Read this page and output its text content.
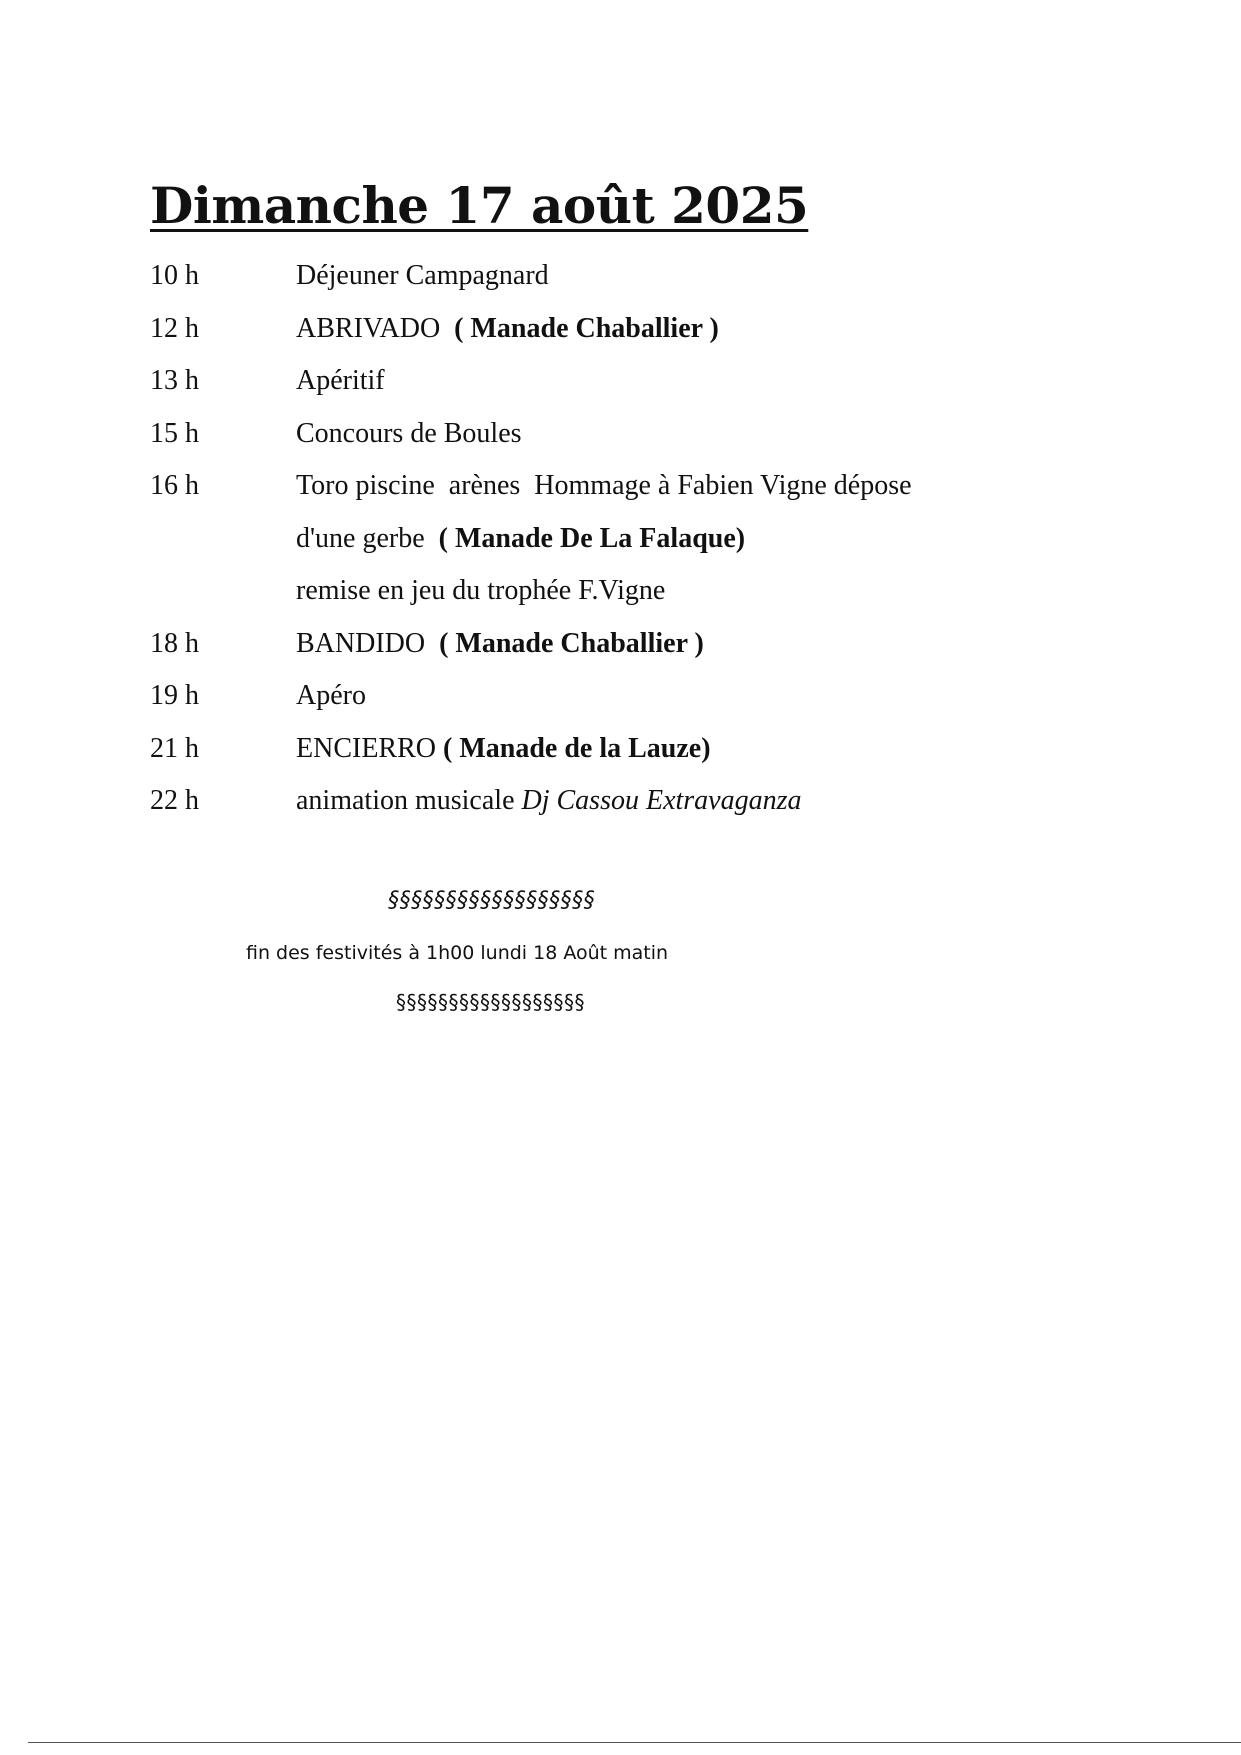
Dimanche 17 août 2025
10 h	Déjeuner Campagnard
12 h	ABRIVADO  ( Manade Chaballier )
13 h	Apéritif
15 h	Concours de Boules
16 h	Toro piscine  arènes  Hommage à Fabien Vigne dépose
d'une gerbe  ( Manade De La Falaque)
remise en jeu du trophée F.Vigne
18 h	BANDIDO  ( Manade Chaballier )
19 h	Apéro
21 h	ENCIERRO ( Manade de la Lauze)
22 h	animation musicale Dj Cassou Extravaganza
§§§§§§§§§§§§§§§§§§
fin des festivités à 1h00 lundi 18 Août matin
§§§§§§§§§§§§§§§§§§
